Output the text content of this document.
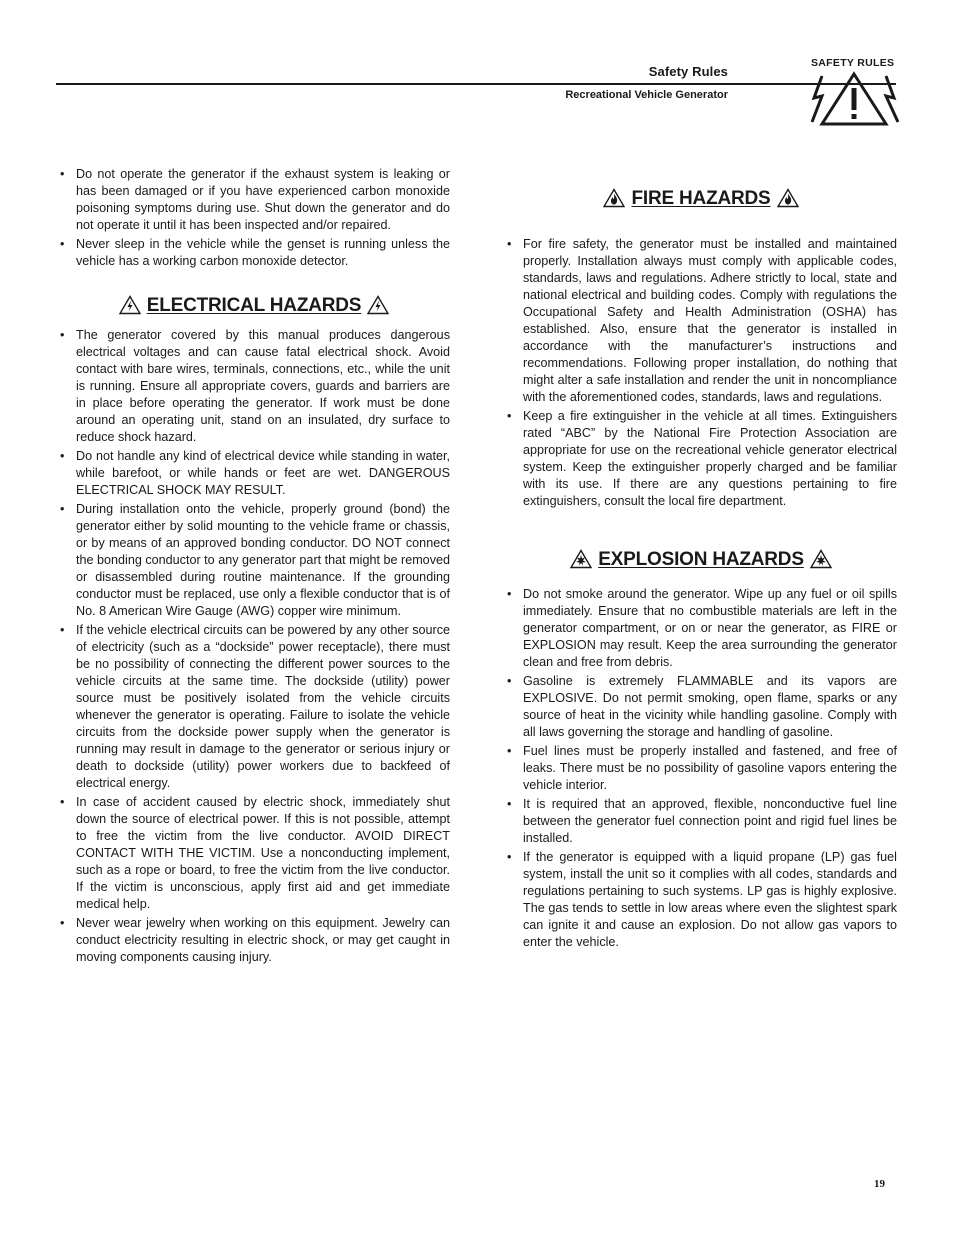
Safety Rules
Recreational Vehicle Generator
SAFETY RULES
• Do not operate the generator if the exhaust system is leaking or has been damaged or if you have experienced carbon monoxide poisoning symptoms during use. Shut down the generator and do not operate it until it has been inspected and/or repaired.
• Never sleep in the vehicle while the genset is running unless the vehicle has a working carbon monoxide detector.
ELECTRICAL HAZARDS
• The generator covered by this manual produces dangerous electrical voltages and can cause fatal electrical shock. Avoid contact with bare wires, terminals, connections, etc., while the unit is running. Ensure all appropriate covers, guards and barriers are in place before operating the generator. If work must be done around an operating unit, stand on an insulated, dry surface to reduce shock hazard.
• Do not handle any kind of electrical device while standing in water, while barefoot, or while hands or feet are wet. DANGEROUS ELECTRICAL SHOCK MAY RESULT.
• During installation onto the vehicle, properly ground (bond) the generator either by solid mounting to the vehicle frame or chassis, or by means of an approved bonding conductor. DO NOT connect the bonding conductor to any generator part that might be removed or disassembled during routine maintenance. If the grounding conductor must be replaced, use only a flexible conductor that is of No. 8 American Wire Gauge (AWG) copper wire minimum.
• If the vehicle electrical circuits can be powered by any other source of electricity (such as a “dockside” power receptacle), there must be no possibility of connecting the different power sources to the vehicle circuits at the same time. The dockside (utility) power source must be positively isolated from the vehicle circuits whenever the generator is operating. Failure to isolate the vehicle circuits from the dockside power supply when the generator is running may result in damage to the generator or serious injury or death to dockside (utility) power workers due to backfeed of electrical energy.
• In case of accident caused by electric shock, immediately shut down the source of electrical power. If this is not possible, attempt to free the victim from the live conductor. AVOID DIRECT CONTACT WITH THE VICTIM. Use a nonconducting implement, such as a rope or board, to free the victim from the live conductor. If the victim is unconscious, apply first aid and get immediate medical help.
• Never wear jewelry when working on this equipment. Jewelry can conduct electricity resulting in electric shock, or may get caught in moving components causing injury.
FIRE HAZARDS
• For fire safety, the generator must be installed and maintained properly. Installation always must comply with applicable codes, standards, laws and regulations. Adhere strictly to local, state and national electrical and building codes. Comply with regulations the Occupational Safety and Health Administration (OSHA) has established. Also, ensure that the generator is installed in accordance with the manufacturer’s instructions and recommendations. Following proper installation, do nothing that might alter a safe installation and render the unit in noncompliance with the aforementioned codes, standards, laws and regulations.
• Keep a fire extinguisher in the vehicle at all times. Extinguishers rated “ABC” by the National Fire Protection Association are appropriate for use on the recreational vehicle generator electrical system. Keep the extinguisher properly charged and be familiar with its use. If there are any questions pertaining to fire extinguishers, consult the local fire department.
EXPLOSION HAZARDS
• Do not smoke around the generator. Wipe up any fuel or oil spills immediately. Ensure that no combustible materials are left in the generator compartment, or on or near the generator, as FIRE or EXPLOSION may result. Keep the area surrounding the generator clean and free from debris.
• Gasoline is extremely FLAMMABLE and its vapors are EXPLOSIVE. Do not permit smoking, open flame, sparks or any source of heat in the vicinity while handling gasoline. Comply with all laws governing the storage and handling of gasoline.
• Fuel lines must be properly installed and fastened, and free of leaks. There must be no possibility of gasoline vapors entering the vehicle interior.
• It is required that an approved, flexible, nonconductive fuel line between the generator fuel connection point and rigid fuel lines be installed.
• If the generator is equipped with a liquid propane (LP) gas fuel system, install the unit so it complies with all codes, standards and regulations pertaining to such systems. LP gas is highly explosive. The gas tends to settle in low areas where even the slightest spark can ignite it and cause an explosion. Do not allow gas vapors to enter the vehicle.
19
